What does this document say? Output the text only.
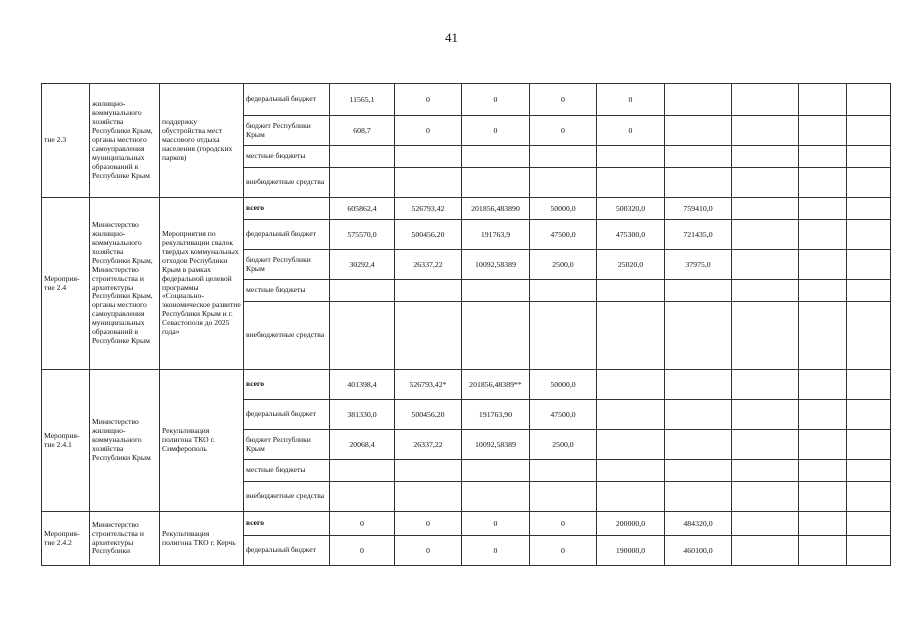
41
тие 2.3	жилищно-коммунального хозяйства Республики Крым, органы местного самоуправления муниципальных образований в Республике Крым	поддержку обустройства мест массового отдыха населения (городских парков)	федеральный бюджет	11565,1	0	0	0	0					
			бюджет Республики Крым	608,7	0	0	0	0					
			местные бюджеты										
			внебюджетные средства										
Мероприя-тие 2.4	Министерство жилищно-коммунального хозяйства Республики Крым, Министерство строительства и архитектуры Республики Крым, органы местного самоуправления муниципальных образований в Республике Крым	Мероприятия по рекультивации свалок твердых коммунальных отходов Республики Крым в рамках федеральной целевой программы «Социально-экономическое развитие Республики Крым и г. Севастополя до 2025 года»	всего	605862,4	526793,42	201856,483890	50000,0	500320,0	759410,0				
			федеральный бюджет	575570,0	500456,20	191763,9	47500,0	475300,0	721435,0				
			бюджет Республики Крым	30292,4	26337,22	10092,58389	2500,0	25020,0	37975,0				
			местные бюджеты										
			внебюджетные средства										
Мероприя-тие 2.4.1	Министерство жилищно-коммунального хозяйства Республики Крым	Рекультивация полигона ТКО г. Симферополь	всего	401398,4	526793,42*	201856,48389**	50000,0						
			федеральный бюджет	381330,0	500456,20	191763,90	47500,0						
			бюджет Республики Крым	20068,4	26337,22	10092,58389	2500,0						
			местные бюджеты										
			внебюджетные средства										
Мероприя-тие 2.4.2	Министерство строительства и архитектуры Республики	Рекультивация полигона ТКО г. Керчь	всего	0	0	0	0	200000,0	484320,0				
			федеральный бюджет	0	0	0	0	190000,0	460100,0				
